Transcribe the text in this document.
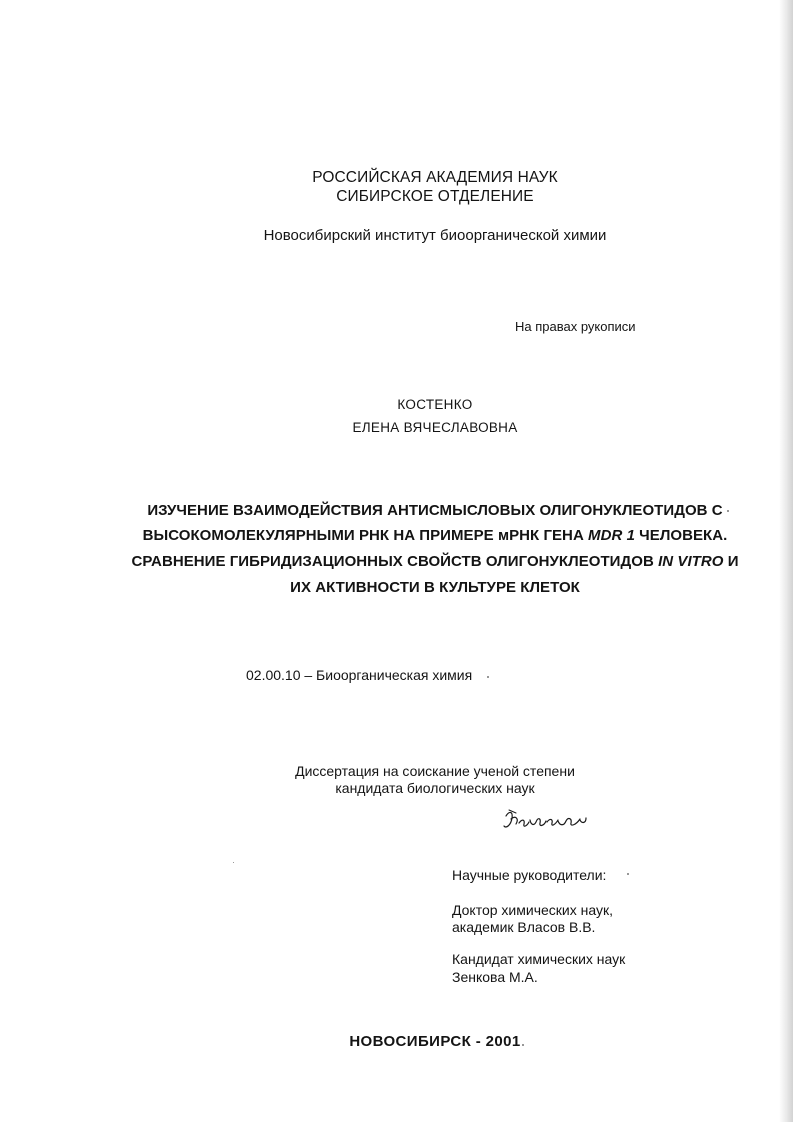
РОССИЙСКАЯ АКАДЕМИЯ НАУК
СИБИРСКОЕ ОТДЕЛЕНИЕ
Новосибирский институт биоорганической химии
На правах рукописи
КОСТЕНКО
ЕЛЕНА ВЯЧЕСЛАВОВНА
ИЗУЧЕНИЕ ВЗАИМОДЕЙСТВИЯ АНТИСМЫСЛОВЫХ ОЛИГОНУКЛЕОТИДОВ С
ВЫСОКОМОЛЕКУЛЯРНЫМИ РНК НА ПРИМЕРЕ мРНК ГЕНА MDR 1 ЧЕЛОВЕКА.
СРАВНЕНИЕ ГИБРИДИЗАЦИОННЫХ СВОЙСТВ ОЛИГОНУКЛЕОТИДОВ IN VITRO И
ИХ АКТИВНОСТИ В КУЛЬТУРЕ КЛЕТОК
02.00.10 – Биоорганическая химия
Диссертация на соискание ученой степени
кандидата биологических наук
Костенко
Научные руководители:
Доктор химических наук,
академик Власов В.В.
Кандидат химических наук
Зенкова М.А.
НОВОСИБИРСК - 2001
